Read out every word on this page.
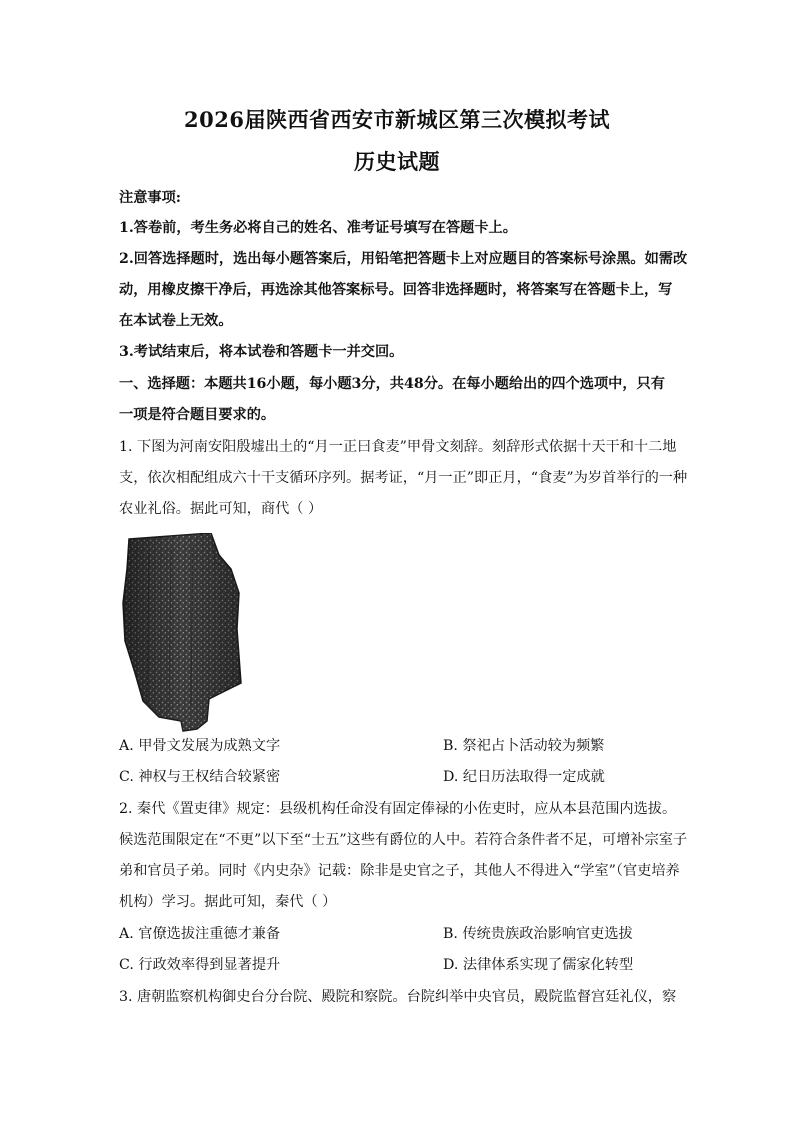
2026届陕西省西安市新城区第三次模拟考试
历史试题
注意事项:
1.答卷前，考生务必将自己的姓名、准考证号填写在答题卡上。
2.回答选择题时，选出每小题答案后，用铅笔把答题卡上对应题目的答案标号涂黑。如需改
动，用橡皮擦干净后，再选涂其他答案标号。回答非选择题时，将答案写在答题卡上，写
在本试卷上无效。
3.考试结束后，将本试卷和答题卡一并交回。
一、选择题：本题共16小题，每小题3分，共48分。在每小题给出的四个选项中，只有
一项是符合题目要求的。
1. 下图为河南安阳殷墟出土的“月一正曰食麦”甲骨文刻辞。刻辞形式依据十天干和十二地
支，依次相配组成六十干支循环序列。据考证，“月一正”即正月，“食麦”为岁首举行的一种
农业礼俗。据此可知，商代（ ）
A. 甲骨文发展为成熟文字	B. 祭祀占卜活动较为频繁
C. 神权与王权结合较紧密	D. 纪日历法取得一定成就
2. 秦代《置吏律》规定：县级机构任命没有固定俸禄的小佐吏时，应从本县范围内选拔。
候选范围限定在“不更”以下至“士五”这些有爵位的人中。若符合条件者不足，可增补宗室子
弟和官员子弟。同时《内史杂》记载：除非是史官之子，其他人不得进入“学室”（官吏培养
机构）学习。据此可知，秦代（ ）
A. 官僚选拔注重德才兼备	B. 传统贵族政治影响官吏选拔
C. 行政效率得到显著提升	D. 法律体系实现了儒家化转型
3. 唐朝监察机构御史台分台院、殿院和察院。台院纠举中央官员，殿院监督宫廷礼仪，察
